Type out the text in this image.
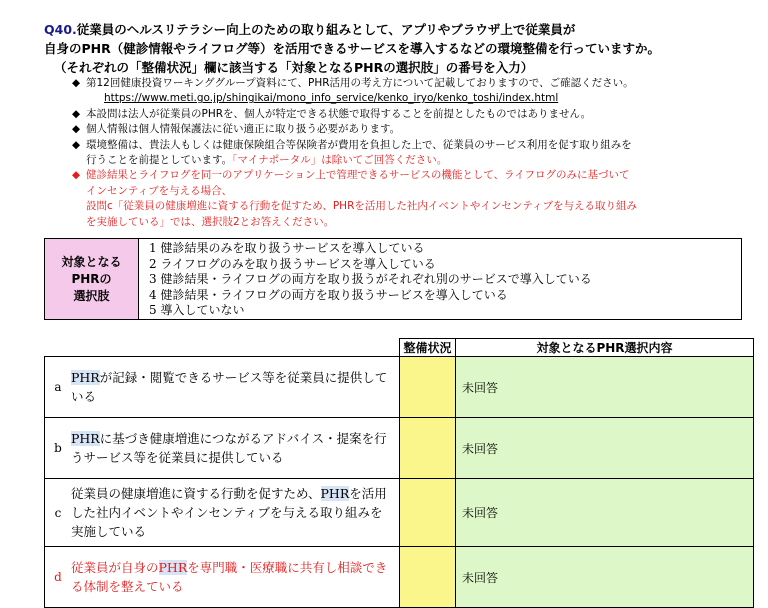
Q40.従業員のヘルスリテラシー向上のための取り組みとして、アプリやブラウザ上で従業員が
自身のPHR（健診情報やライフログ等）を活用できるサービスを導入するなどの環境整備を行っていますか。
（それぞれの「整備状況」欄に該当する「対象となるPHRの選択肢」の番号を入力）
◆ 第12回健康投資ワーキンググループ資料にて、PHR活用の考え方について記載しておりますので、ご確認ください。
https://www.meti.go.jp/shingikai/mono_info_service/kenko_iryo/kenko_toshi/index.html
◆ 本設問は法人が従業員のPHRを、個人が特定できる状態で取得することを前提としたものではありません。
◆ 個人情報は個人情報保護法に従い適正に取り扱う必要があります。
◆ 環境整備は、貴法人もしくは健康保険組合等保険者が費用を負担した上で、従業員のサービス利用を促す取り組みを
行うことを前提としています。「マイナポータル」は除いてご回答ください。
◆ 健診結果とライフログを同一のアプリケーション上で管理できるサービスの機能として、ライフログのみに基づいて
インセンティブを与える場合、
設問c「従業員の健康増進に資する行動を促すため、PHRを活用した社内イベントやインセンティブを与える取り組み
を実施している」では、選択肢2とお答えください。
対象となる
PHRの
選択肢
1 健診結果のみを取り扱うサービスを導入している
2 ライフログのみを取り扱うサービスを導入している
3 健診結果・ライフログの両方を取り扱うがそれぞれ別のサービスで導入している
4 健診結果・ライフログの両方を取り扱うサービスを導入している
5 導入していない
		整備状況	対象となるPHR選択内容
a	PHRが記録・閲覧できるサービス等を従業員に提供している		未回答
b	PHRに基づき健康増進につながるアドバイス・提案を行うサービス等を従業員に提供している		未回答
c	従業員の健康増進に資する行動を促すため、PHRを活用した社内イベントやインセンティブを与える取り組みを実施している		未回答
d	従業員が自身のPHRを専門職・医療職に共有し相談できる体制を整えている		未回答
